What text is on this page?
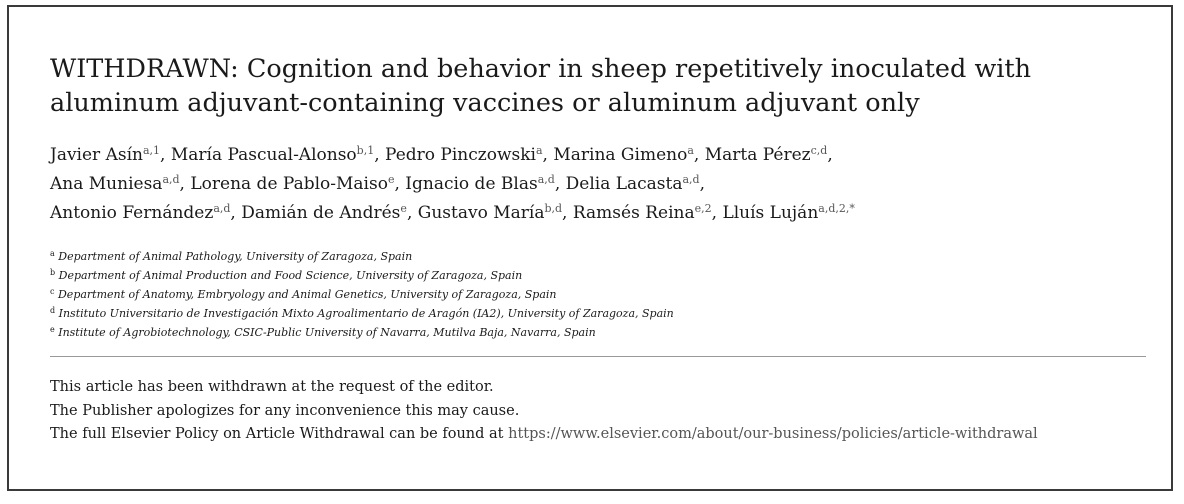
WITHDRAWN: Cognition and behavior in sheep repetitively inoculated with aluminum adjuvant-containing vaccines or aluminum adjuvant only

Javier Asín$^{a,1}$, María Pascual-Alonso$^{b,1}$, Pedro Pinczowski$^a$, Marina Gimeno$^a$, Marta Pérez$^{c,d}$,
Ana Muniesa$^{a,d}$, Lorena de Pablo-Maiso$^e$, Ignacio de Blas$^{a,d}$, Delia Lacasta$^{a,d}$,
Antonio Fernández$^{a,d}$, Damián de Andrés$^e$, Gustavo María$^{b,d}$, Ramsés Reina$^{e,2}$, Lluís Luján$^{a,d,2,*}$

$^a$ Department of Animal Pathology, University of Zaragoza, Spain
$^b$ Department of Animal Production and Food Science, University of Zaragoza, Spain
$^c$ Department of Anatomy, Embryology and Animal Genetics, University of Zaragoza, Spain
$^d$ Instituto Universitario de Investigación Mixto Agroalimentario de Aragón (IA2), University of Zaragoza, Spain
$^e$ Institute of Agrobiotechnology, CSIC-Public University of Navarra, Mutilva Baja, Navarra, Spain
This article has been withdrawn at the request of the editor.
The Publisher apologizes for any inconvenience this may cause.
The full Elsevier Policy on Article Withdrawal can be found at https://www.elsevier.com/about/our-business/policies/article-withdrawal
